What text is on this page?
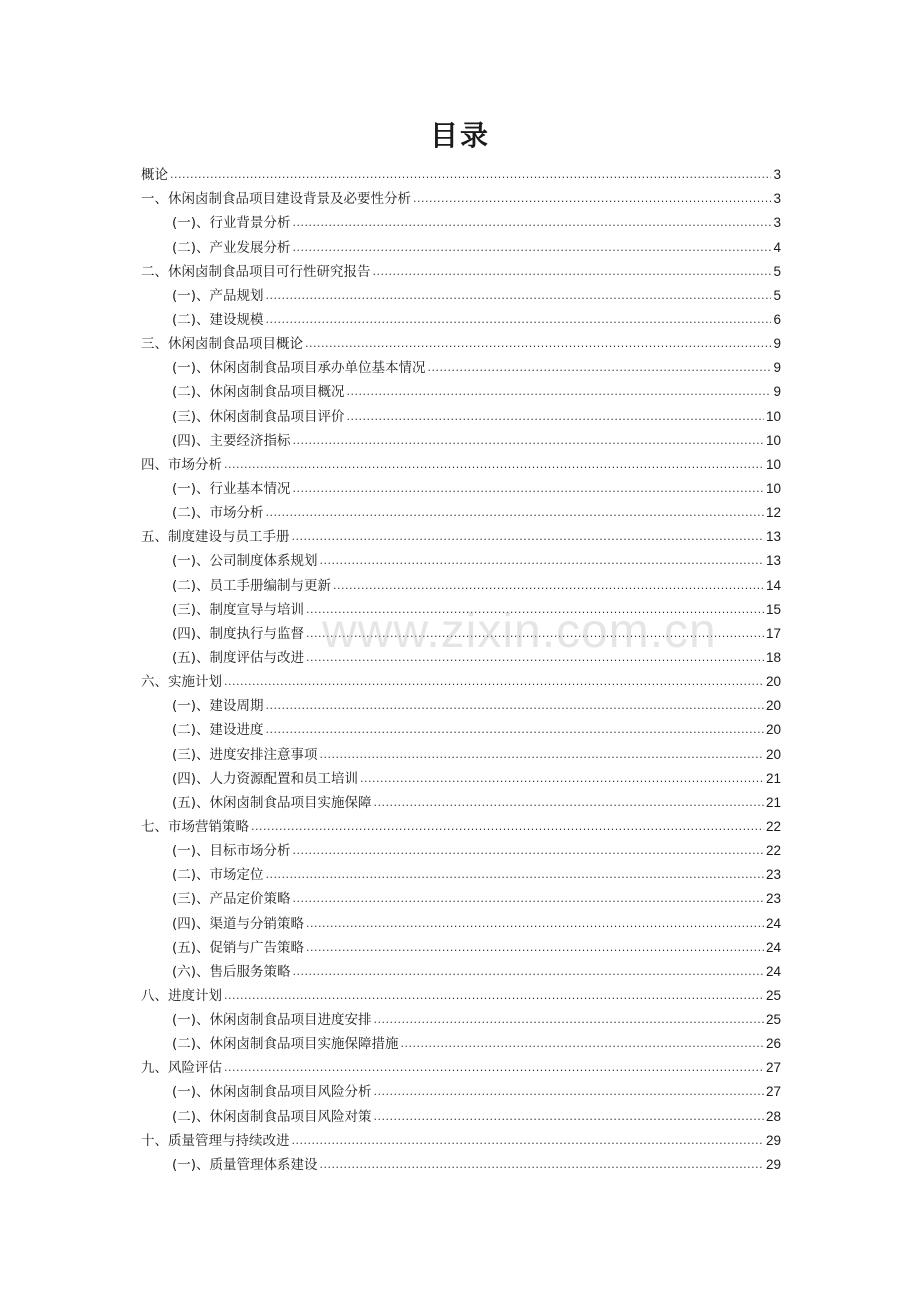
目录
概论 .....	3
一、休闲卤制食品项目建设背景及必要性分析 .....	3
(一)、行业背景分析 .....	3
(二)、产业发展分析 .....	4
二、休闲卤制食品项目可行性研究报告 .....	5
(一)、产品规划 .....	5
(二)、建设规模 .....	6
三、休闲卤制食品项目概论 .....	9
(一)、休闲卤制食品项目承办单位基本情况 .....	9
(二)、休闲卤制食品项目概况 .....	9
(三)、休闲卤制食品项目评价 .....	10
(四)、主要经济指标 .....	10
四、市场分析 .....	10
(一)、行业基本情况 .....	10
(二)、市场分析 .....	12
五、制度建设与员工手册 .....	13
(一)、公司制度体系规划 .....	13
(二)、员工手册编制与更新 .....	14
(三)、制度宣导与培训 .....	15
(四)、制度执行与监督 .....	17
(五)、制度评估与改进 .....	18
六、实施计划 .....	20
(一)、建设周期 .....	20
(二)、建设进度 .....	20
(三)、进度安排注意事项 .....	20
(四)、人力资源配置和员工培训 .....	21
(五)、休闲卤制食品项目实施保障 .....	21
七、市场营销策略 .....	22
(一)、目标市场分析 .....	22
(二)、市场定位 .....	23
(三)、产品定价策略 .....	23
(四)、渠道与分销策略 .....	24
(五)、促销与广告策略 .....	24
(六)、售后服务策略 .....	24
八、进度计划 .....	25
(一)、休闲卤制食品项目进度安排 .....	25
(二)、休闲卤制食品项目实施保障措施 .....	26
九、风险评估 .....	27
(一)、休闲卤制食品项目风险分析 .....	27
(二)、休闲卤制食品项目风险对策 .....	28
十、质量管理与持续改进 .....	29
(一)、质量管理体系建设 .....	29
www.zixin.com.cn
